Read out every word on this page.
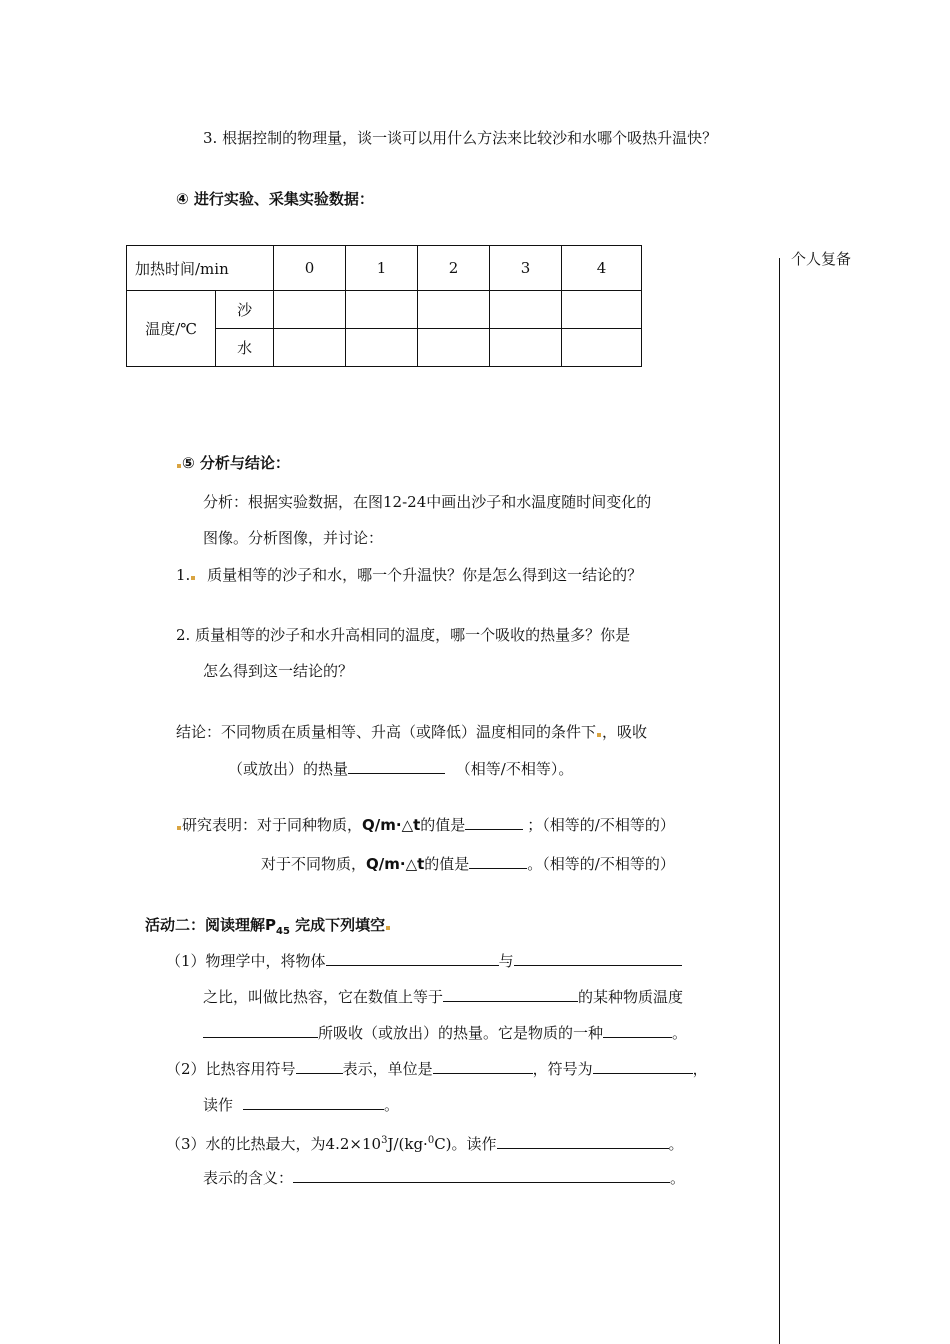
个人复备
3. 根据控制的物理量，谈一谈可以用什么方法来比较沙和水哪个吸热升温快？
④ 进行实验、采集实验数据：
加热时间/min		0	1	2	3	4
温度/℃	沙					
	水					
⑤ 分析与结论：
分析：根据实验数据，在图12-24中画出沙子和水温度随时间变化的
图像。分析图像，并讨论：
1. 质量相等的沙子和水，哪一个升温快？你是怎么得到这一结论的？
2. 质量相等的沙子和水升高相同的温度，哪一个吸收的热量多？你是
怎么得到这一结论的？
结论：不同物质在质量相等、升高（或降低）温度相同的条件下 ，吸收
（或放出）的热量	（相等/不相等）。
研究表明：对于同种物质，Q/m·△t的值是	；（相等的/不相等的）
对于不同物质，Q/m·△t的值是	。（相等的/不相等的）
活动二：阅读理解$P_{45}$ 完成下列填空
（1）物理学中，将物体	与
之比，叫做比热容，它在数值上等于	的某种物质温度
所吸收（或放出）的热量。它是物质的一种	。
（2）比热容用符号	表示，单位是	，符号为	，
读作	。
（3）水的比热最大，为$4.2\times 10^3J/(kg\cdot^0C)$。读作	。
表示的含义：	。
